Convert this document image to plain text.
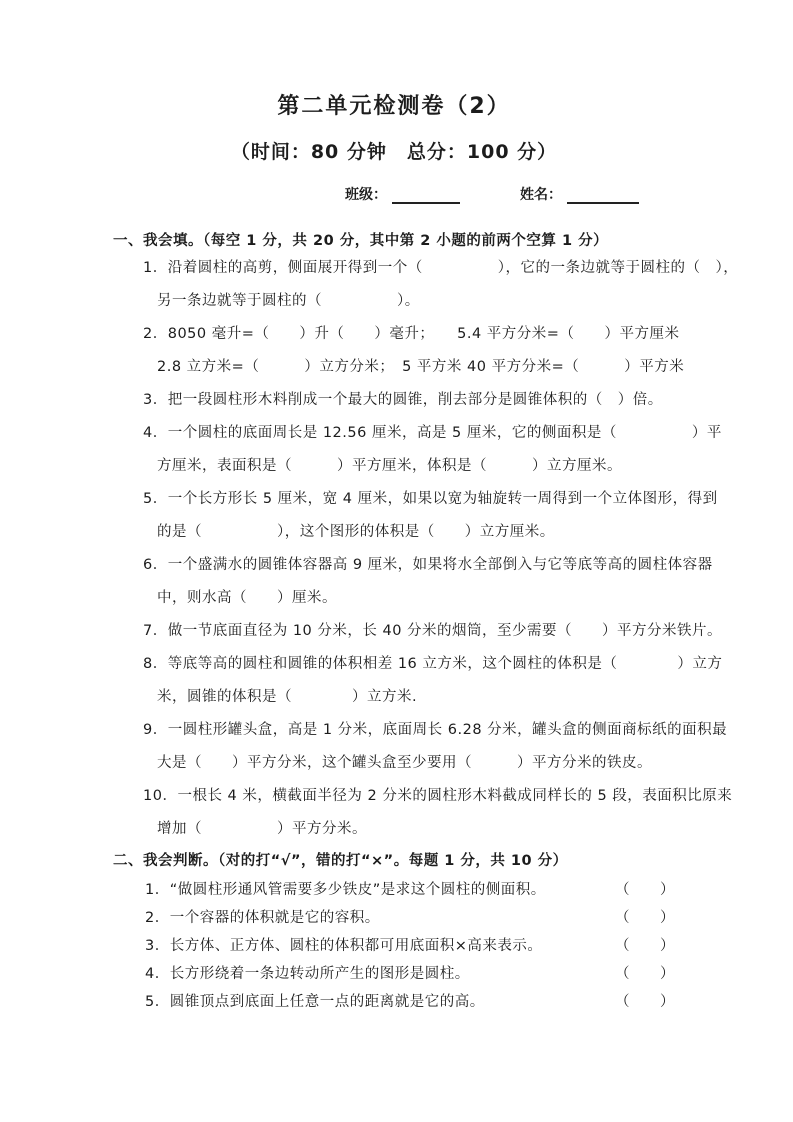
第二单元检测卷（2）
（时间：80 分钟　总分：100 分）
班级：	姓名：
一、我会填。（每空 1 分，共 20 分，其中第 2 小题的前两个空算 1 分）
1．沿着圆柱的高剪，侧面展开得到一个（　　　　　），它的一条边就等于圆柱的（　），
另一条边就等于圆柱的（　　　　　）。
2．8050 毫升=（　　）升（　　）毫升；　　5.4 平方分米=（　　）平方厘米
2.8 立方米=（　　　）立方分米；　5 平方米 40 平方分米=（　　　）平方米
3．把一段圆柱形木料削成一个最大的圆锥，削去部分是圆锥体积的（　）倍。
4．一个圆柱的底面周长是 12.56 厘米，高是 5 厘米，它的侧面积是（　　　　　）平
方厘米，表面积是（　　　）平方厘米，体积是（　　　）立方厘米。
5．一个长方形长 5 厘米，宽 4 厘米，如果以宽为轴旋转一周得到一个立体图形，得到
的是（　　　　　），这个图形的体积是（　　）立方厘米。
6．一个盛满水的圆锥体容器高 9 厘米，如果将水全部倒入与它等底等高的圆柱体容器
中，则水高（　　）厘米。
7．做一节底面直径为 10 分米，长 40 分米的烟筒，至少需要（　　）平方分米铁片。
8．等底等高的圆柱和圆锥的体积相差 16 立方米，这个圆柱的体积是（　　　　）立方
米，圆锥的体积是（　　　　）立方米.
9．一圆柱形罐头盒，高是 1 分米，底面周长 6.28 分米，罐头盒的侧面商标纸的面积最
大是（　　）平方分米，这个罐头盒至少要用（　　　）平方分米的铁皮。
10．一根长 4 米，横截面半径为 2 分米的圆柱形木料截成同样长的 5 段，表面积比原来
增加（　　　　　）平方分米。
二、我会判断。（对的打“√”，错的打“×”。每题 1 分，共 10 分）
1．“做圆柱形通风管需要多少铁皮”是求这个圆柱的侧面积。	（　　）
2．一个容器的体积就是它的容积。	（　　）
3．长方体、正方体、圆柱的体积都可用底面积×高来表示。	（　　）
4．长方形绕着一条边转动所产生的图形是圆柱。	（　　）
5．圆锥顶点到底面上任意一点的距离就是它的高。	（　　）
